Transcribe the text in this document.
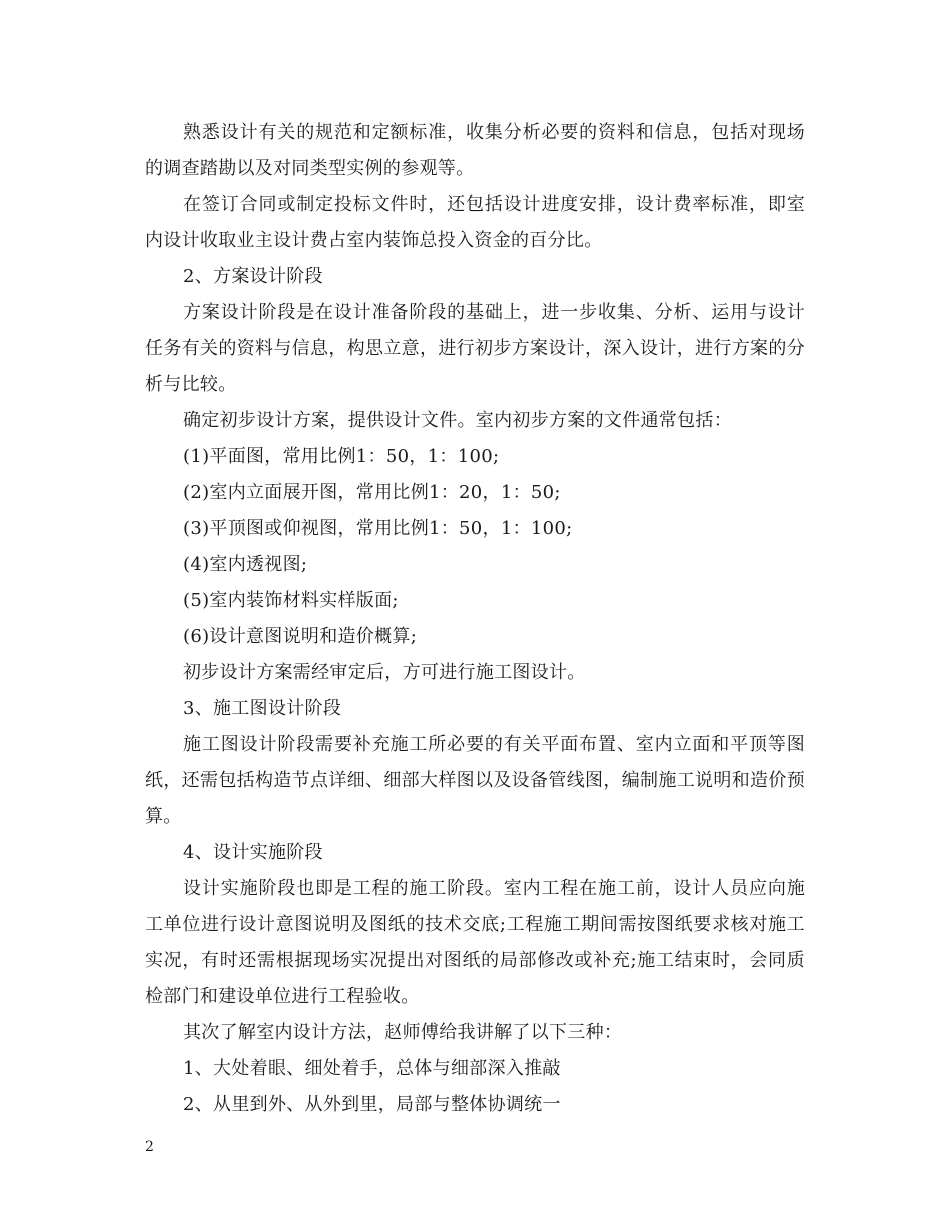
熟悉设计有关的规范和定额标准，收集分析必要的资料和信息，包括对现场的调查踏勘以及对同类型实例的参观等。

在签订合同或制定投标文件时，还包括设计进度安排，设计费率标准，即室内设计收取业主设计费占室内装饰总投入资金的百分比。

2、方案设计阶段

方案设计阶段是在设计准备阶段的基础上，进一步收集、分析、运用与设计任务有关的资料与信息，构思立意，进行初步方案设计，深入设计，进行方案的分析与比较。

确定初步设计方案，提供设计文件。室内初步方案的文件通常包括：

(1)平面图，常用比例1：50，1：100;

(2)室内立面展开图，常用比例1：20，1：50;

(3)平顶图或仰视图，常用比例1：50，1：100;

(4)室内透视图;

(5)室内装饰材料实样版面;

(6)设计意图说明和造价概算;

初步设计方案需经审定后，方可进行施工图设计。

3、施工图设计阶段

施工图设计阶段需要补充施工所必要的有关平面布置、室内立面和平顶等图纸，还需包括构造节点详细、细部大样图以及设备管线图，编制施工说明和造价预算。

4、设计实施阶段

设计实施阶段也即是工程的施工阶段。室内工程在施工前，设计人员应向施工单位进行设计意图说明及图纸的技术交底;工程施工期间需按图纸要求核对施工实况，有时还需根据现场实况提出对图纸的局部修改或补充;施工结束时，会同质检部门和建设单位进行工程验收。

其次了解室内设计方法，赵师傅给我讲解了以下三种：

1、大处着眼、细处着手，总体与细部深入推敲

2、从里到外、从外到里，局部与整体协调统一

2
